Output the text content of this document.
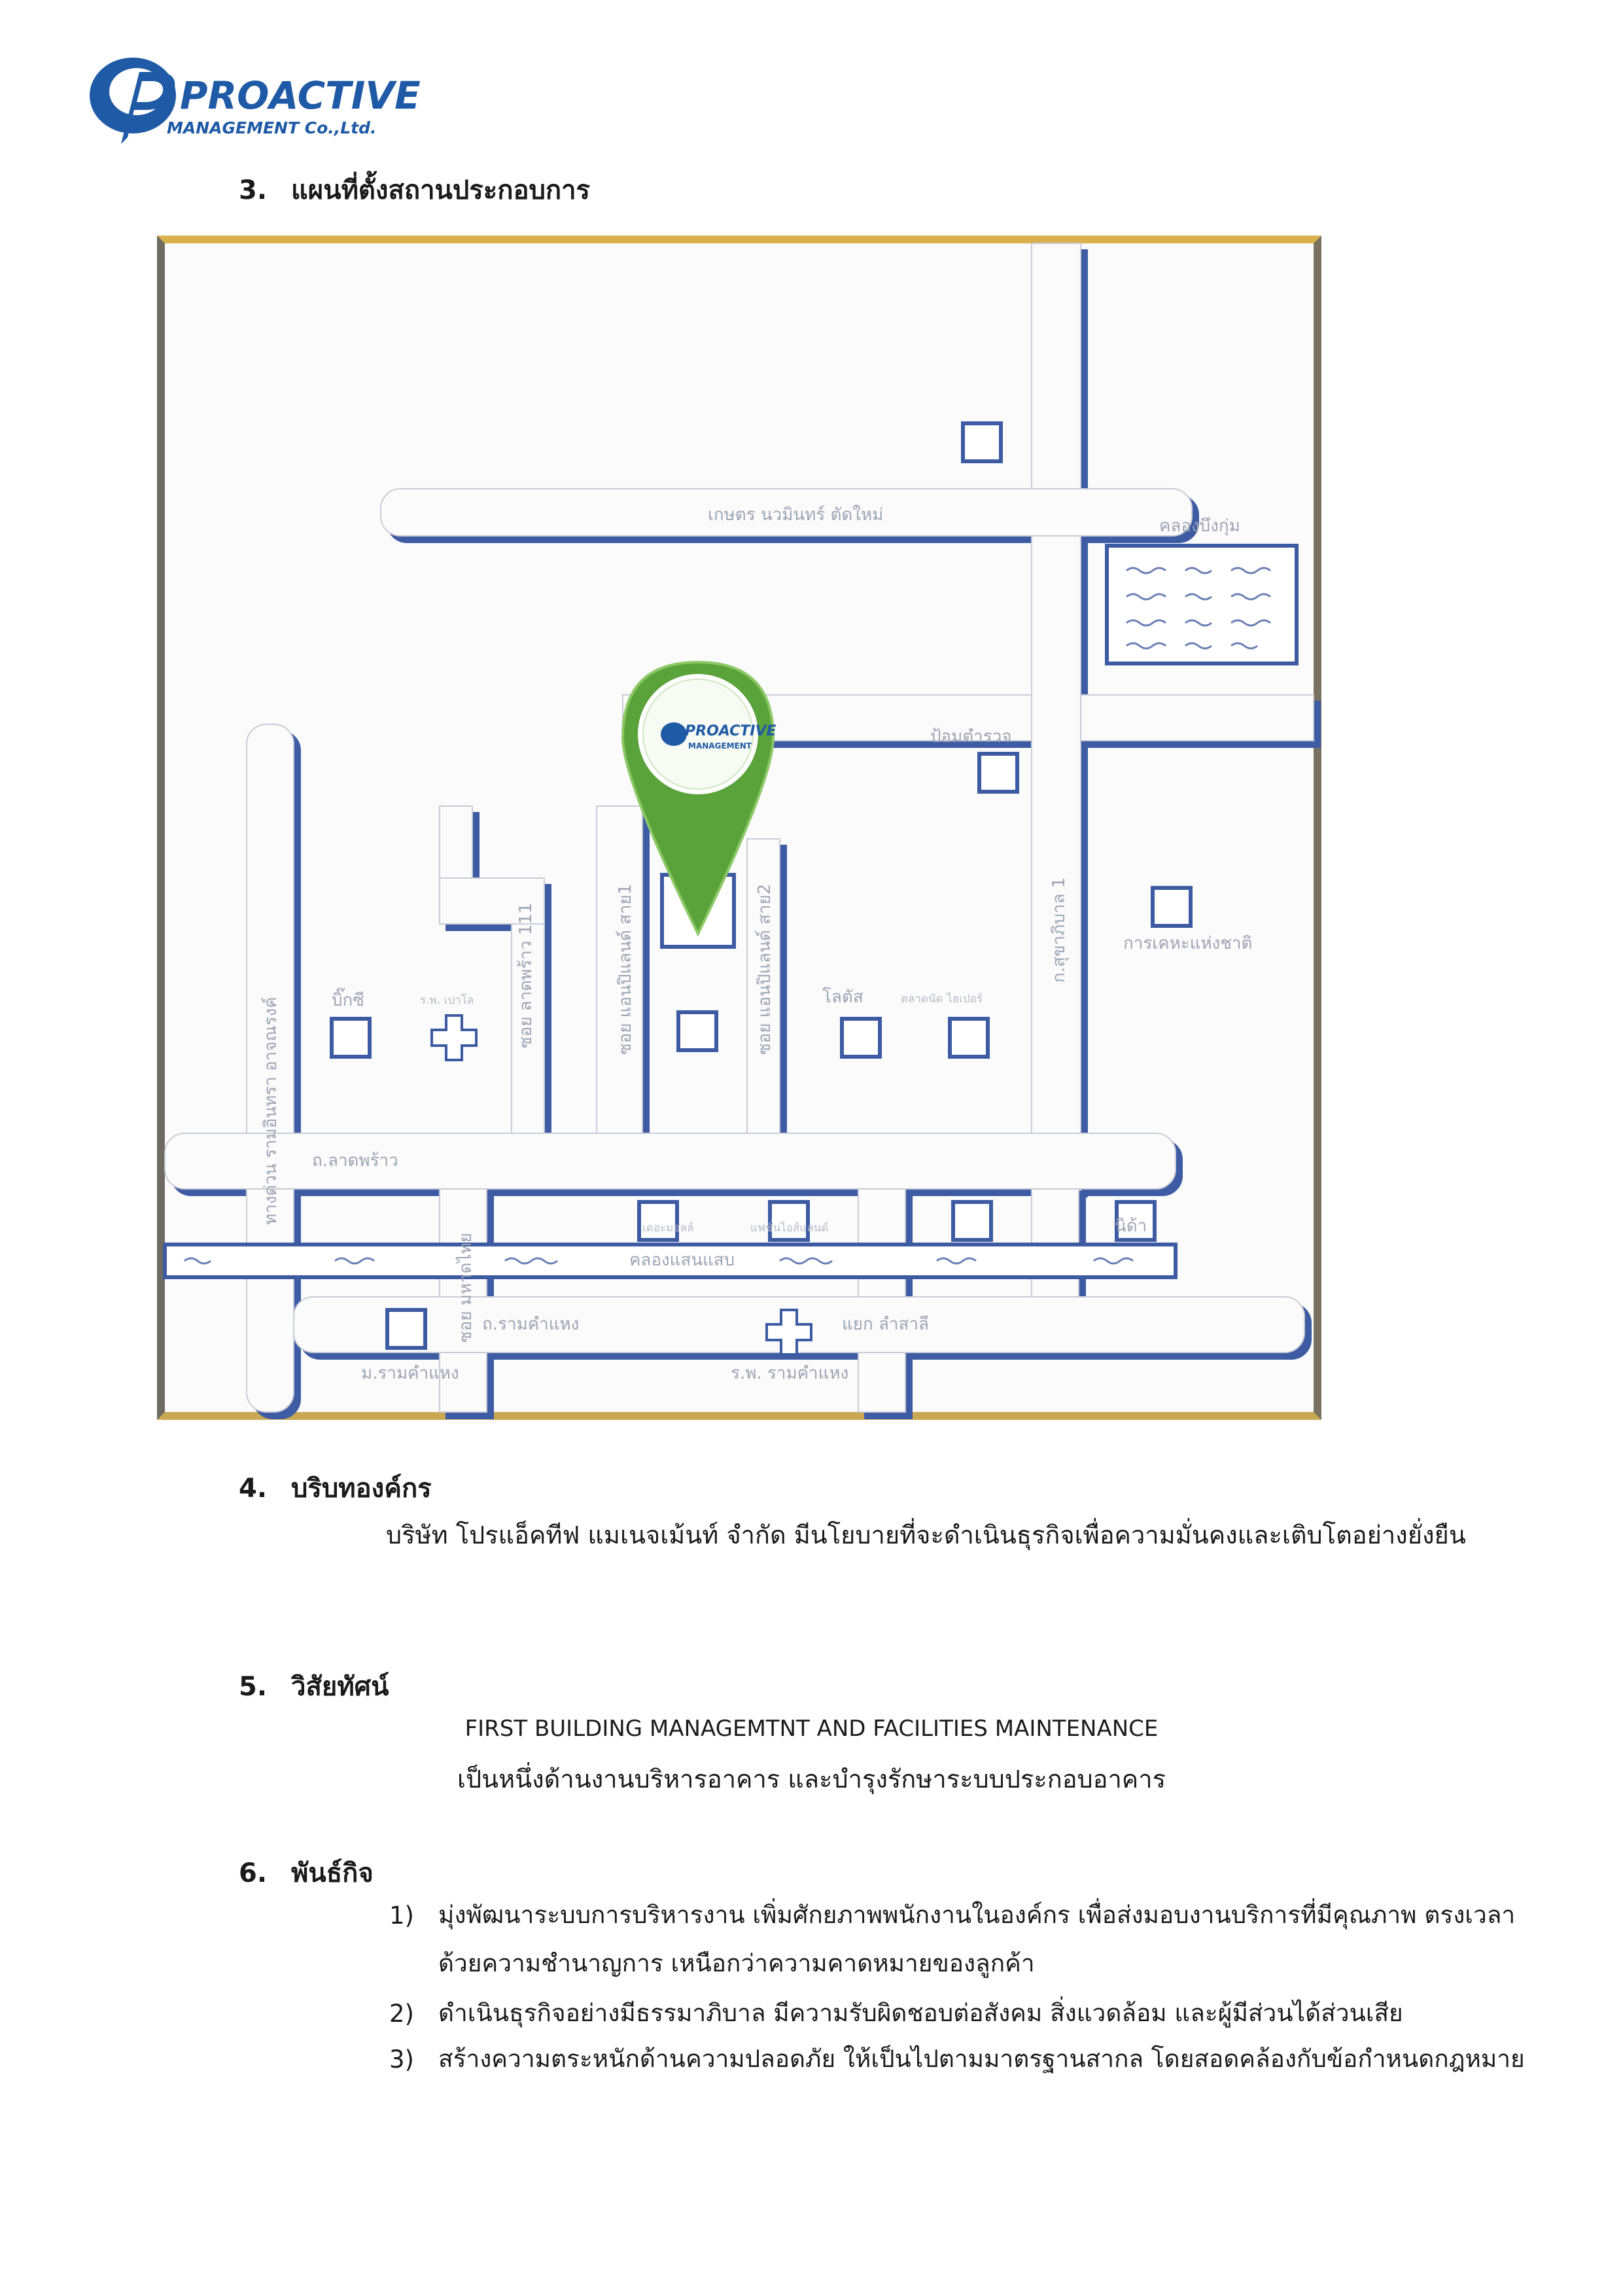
PROACTIVE
MANAGEMENT Co.,Ltd.
3. แผนที่ตั้งสถานประกอบการ
PROACTIVE
MANAGEMENT
เกษตร นวมินทร์ ตัดใหม่
คลองบึงกุ่ม
ป้อมตำรวจ
ซอย ลาดพร้าว 111	ซอย แอนปิแลนด์ สาย1	ซอย แอนปิแลนด์ สาย2	ก.สุขาภิบาล 1
ทางด่วน รามอินทรา อาจณรงค์	บิ๊กซี	ร.พ. เปาโล	โลตัส	ตลาดนัด ไฮเปอร์
การเคหะแห่งชาติ
ถ.ลาดพร้าว
ซอย มหาดไทย	คลองแสนแสบ
เดอะมอลล์	แฟชั่นไอส์แลนด์	นิด้า
ถ.รามคำแหง	แยก ลำสาลี
ม.รามคำแหง	ร.พ. รามคำแหง
4. บริบทองค์กร
บริษัท โปรแอ็คทีฟ แมเนจเม้นท์ จำกัด มีนโยบายที่จะดำเนินธุรกิจเพื่อความมั่นคงและเติบโตอย่างยั่งยืน
5. วิสัยทัศน์
FIRST BUILDING MANAGEMTNT AND FACILITIES MAINTENANCE
เป็นหนึ่งด้านงานบริหารอาคาร และบำรุงรักษาระบบประกอบอาคาร
6. พันธ์กิจ
1) มุ่งพัฒนาระบบการบริหารงาน เพิ่มศักยภาพพนักงานในองค์กร เพื่อส่งมอบงานบริการที่มีคุณภาพ ตรงเวลา
ด้วยความชำนาญการ เหนือกว่าความคาดหมายของลูกค้า
2) ดำเนินธุรกิจอย่างมีธรรมาภิบาล มีความรับผิดชอบต่อสังคม สิ่งแวดล้อม และผู้มีส่วนได้ส่วนเสีย
3) สร้างความตระหนักด้านความปลอดภัย ให้เป็นไปตามมาตรฐานสากล โดยสอดคล้องกับข้อกำหนดกฎหมาย
